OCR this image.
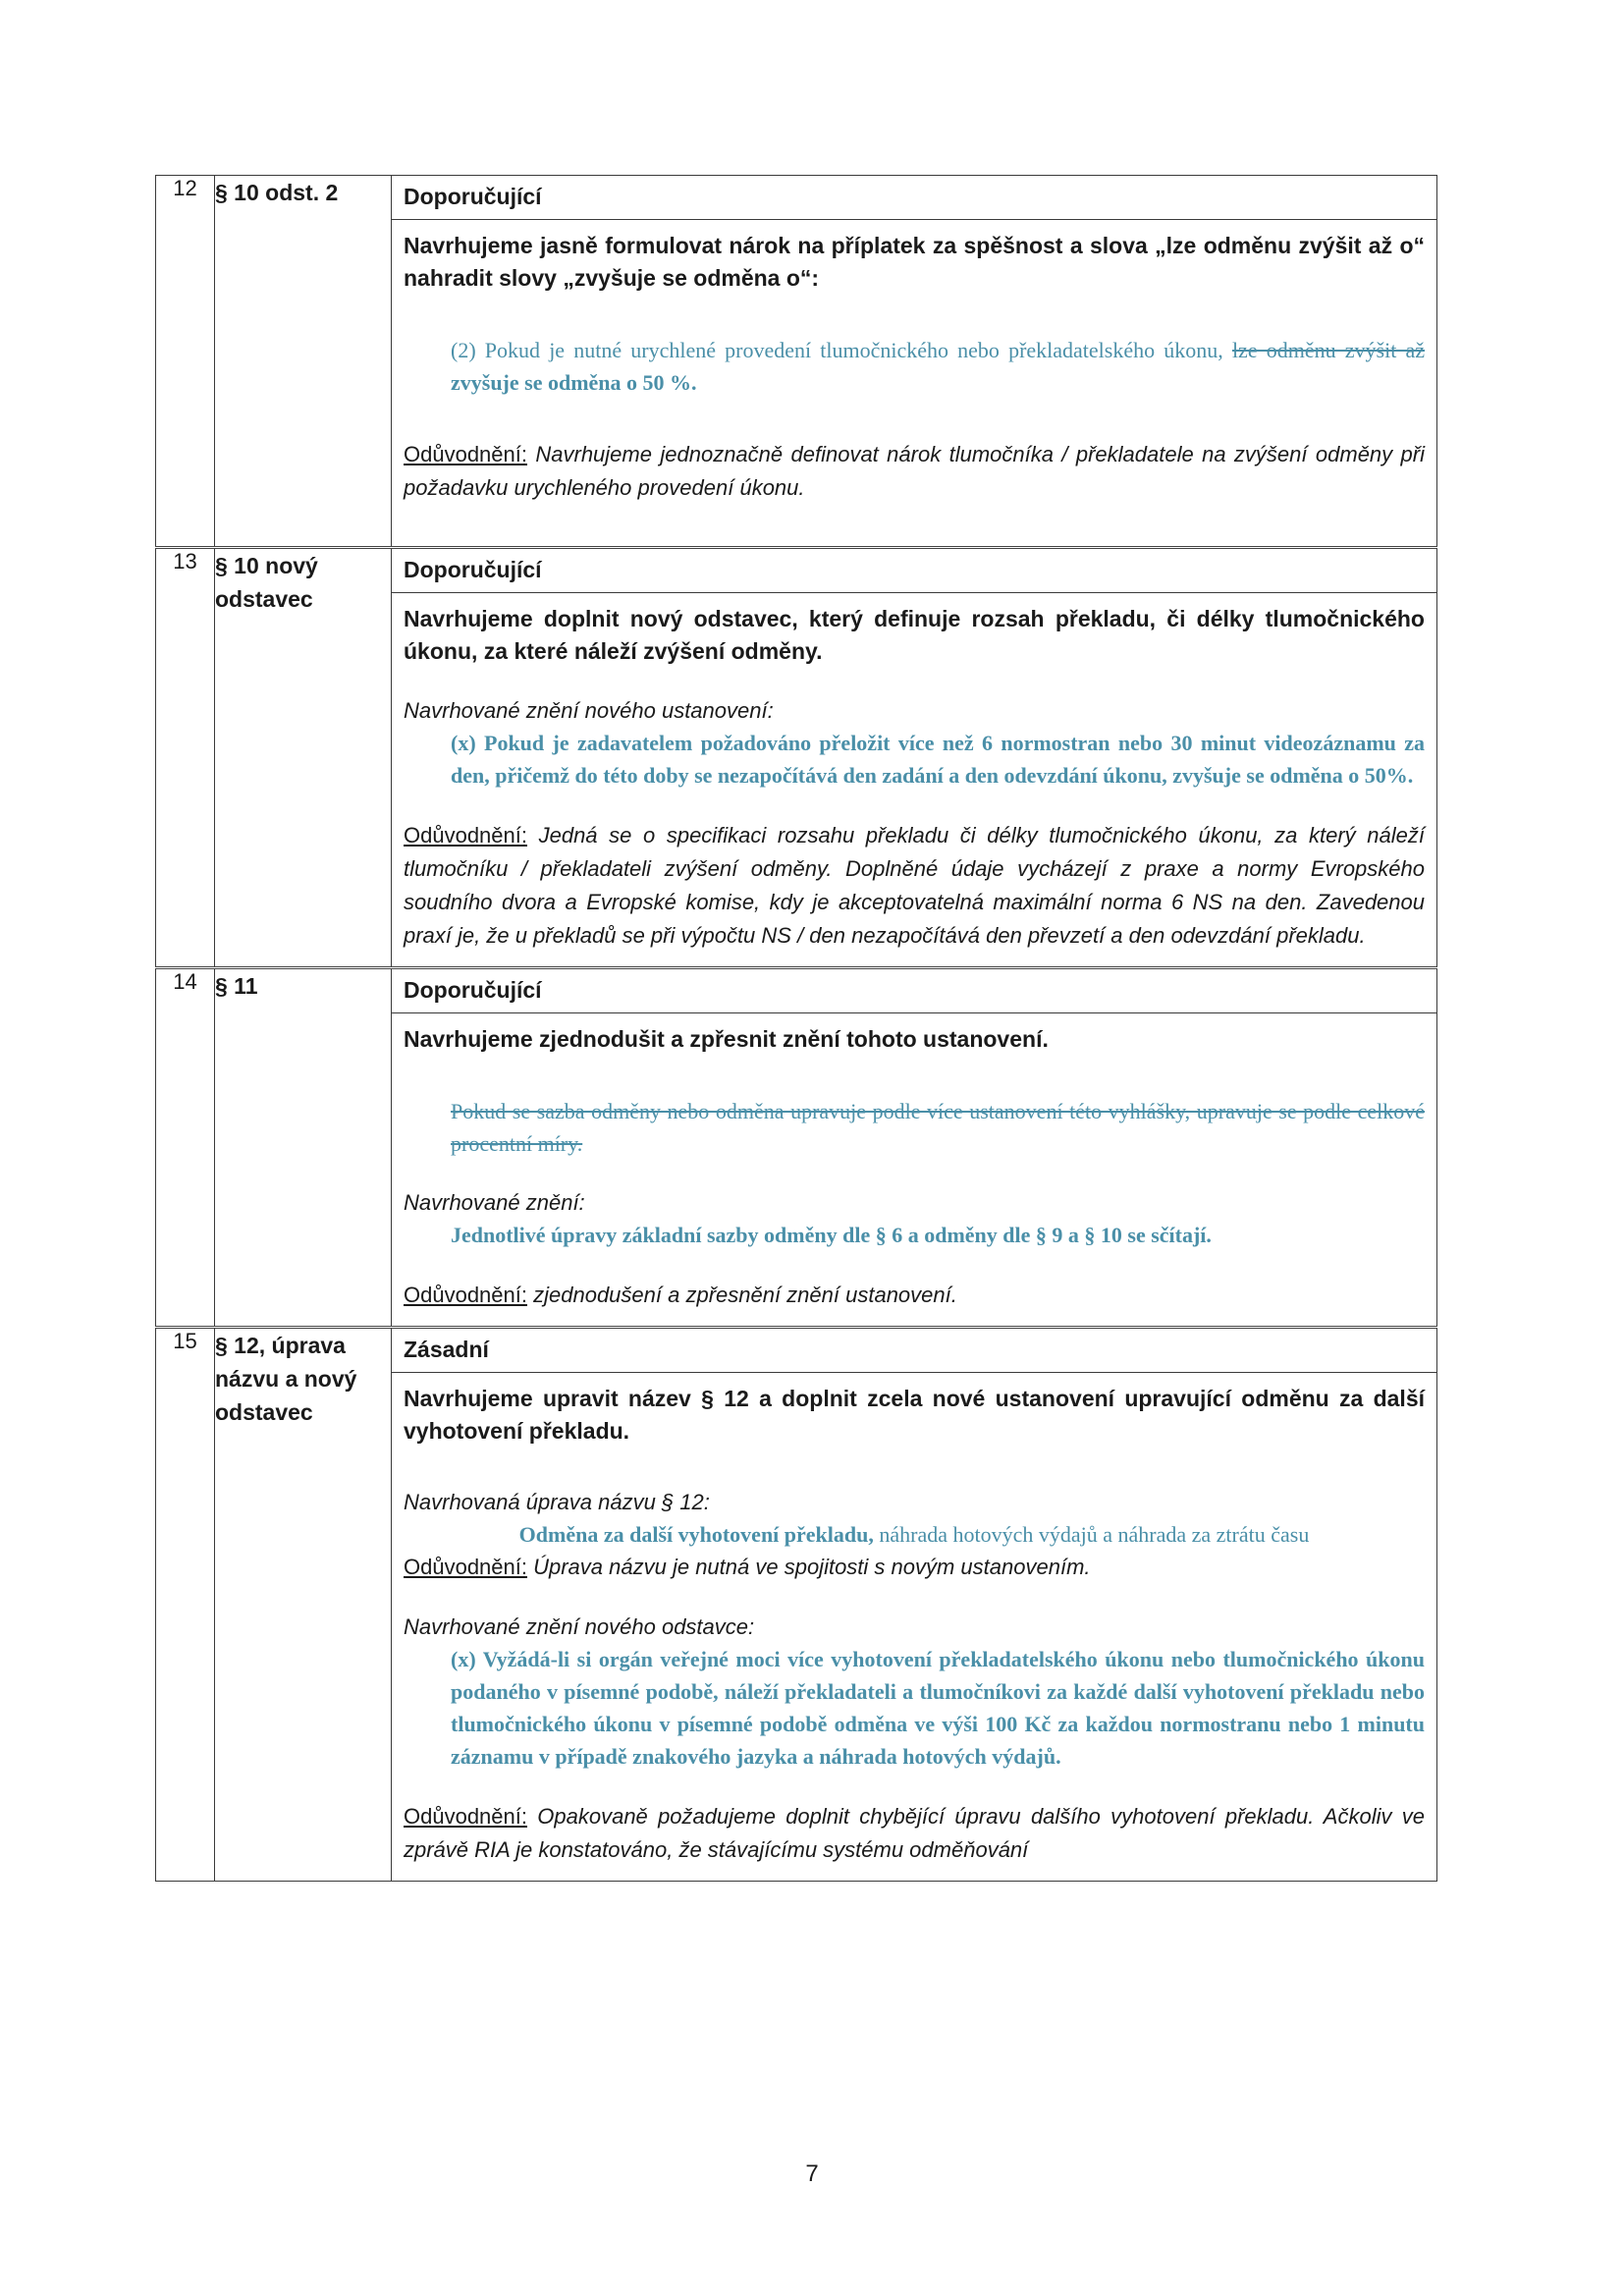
12	§ 10 odst. 2	Doporučující

Navrhujeme jasně formulovat nárok na příplatek za spěšnost a slova „lze odměnu zvýšit až o“ nahradit slovy „zvyšuje se odměna o“:

(2) Pokud je nutné urychlené provedení tlumočnického nebo překladatelského úkonu, lze odměnu zvýšit až zvyšuje se odměna o 50 %.

Odůvodnění: Navrhujeme jednoznačně definovat nárok tlumočníka / překladatele na zvýšení odměny při požadavku urychleného provedení úkonu.

13	§ 10 nový odstavec	Doporučující

Navrhujeme doplnit nový odstavec, který definuje rozsah překladu, či délky tlumočnického úkonu, za které náleží zvýšení odměny.

Navrhované znění nového ustanovení:

(x) Pokud je zadavatelem požadováno přeložit více než 6 normostran nebo 30 minut videozáznamu za den, přičemž do této doby se nezapočítává den zadání a den odevzdání úkonu, zvyšuje se odměna o 50%.

Odůvodnění: Jedná se o specifikaci rozsahu překladu či délky tlumočnického úkonu, za který náleží tlumočníku / překladateli zvýšení odměny. Doplněné údaje vycházejí z praxe a normy Evropského soudního dvora a Evropské komise, kdy je akceptovatelná maximální norma 6 NS na den. Zavedenou praxí je, že u překladů se při výpočtu NS / den nezapočítává den převzetí a den odevzdání překladu.

14	§ 11	Doporučující

Navrhujeme zjednodušit a zpřesnit znění tohoto ustanovení.

Pokud se sazba odměny nebo odměna upravuje podle více ustanovení této vyhlášky, upravuje se podle celkové procentní míry.

Navrhované znění:

Jednotlivé úpravy základní sazby odměny dle § 6 a odměny dle § 9 a § 10 se sčítají.

Odůvodnění: zjednodušení a zpřesnění znění ustanovení.

15	§ 12, úprava názvu a nový odstavec	
Zásadní

Navrhujeme upravit název § 12 a doplnit zcela nové ustanovení upravující odměnu za další vyhotovení překladu.

Navrhovaná úprava názvu § 12:

Odměna za další vyhotovení překladu, náhrada hotových výdajů a náhrada za ztrátu času

Odůvodnění: Úprava názvu je nutná ve spojitosti s novým ustanovením.

Navrhované znění nového odstavce:

(x) Vyžádá-li si orgán veřejné moci více vyhotovení překladatelského úkonu nebo tlumočnického úkonu podaného v písemné podobě, náleží překladateli a tlumočníkovi za každé další vyhotovení překladu nebo tlumočnického úkonu v písemné podobě odměna ve výši 100 Kč za každou normostranu nebo 1 minutu záznamu v případě znakového jazyka a náhrada hotových výdajů.

Odůvodnění: Opakovaně požadujeme doplnit chybějící úpravu dalšího vyhotovení překladu. Ačkoliv ve zprávě RIA je konstatováno, že stávajícímu systému odměňování

7
